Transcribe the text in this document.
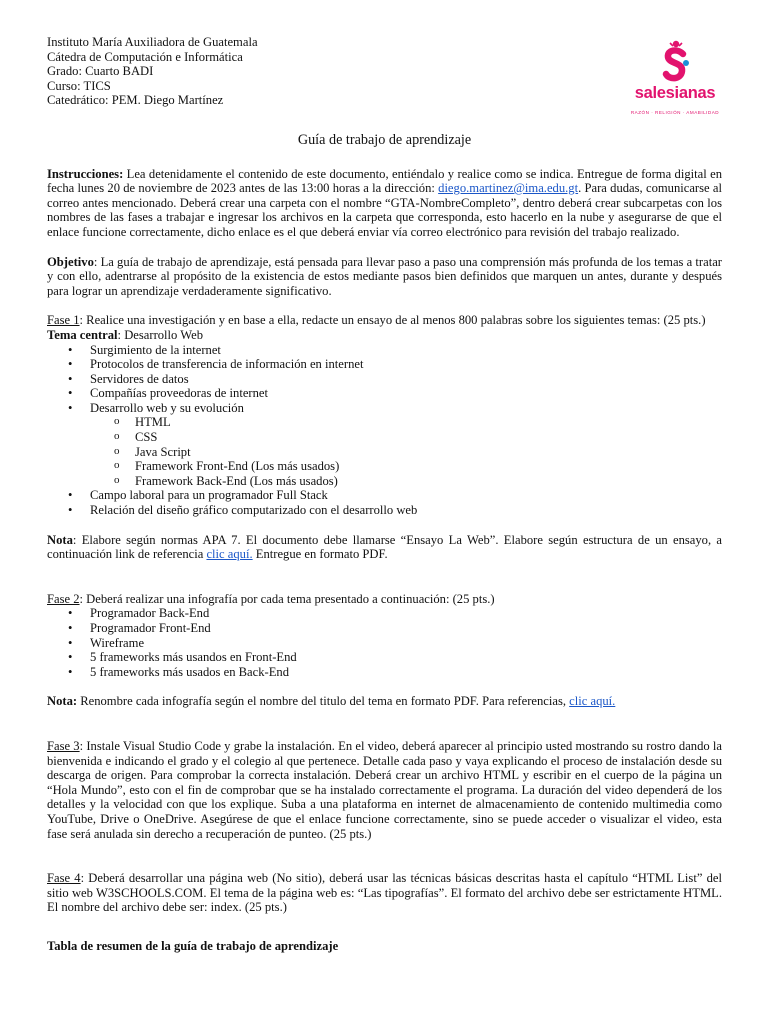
salesianas
RAZÓN · RELIGIÓN · AMABILIDAD
Instituto María Auxiliadora de Guatemala
Cátedra de Computación e Informática
Grado: Cuarto BADI
Curso: TICS
Catedrático: PEM. Diego Martínez
Guía de trabajo de aprendizaje

Instrucciones: Lea detenidamente el contenido de este documento, entiéndalo y realice como se indica. Entregue de forma digital en fecha lunes 20 de noviembre de 2023 antes de las 13:00 horas a la dirección: diego.martinez@ima.edu.gt. Para dudas, comunicarse al correo antes mencionado. Deberá crear una carpeta con el nombre “GTA-NombreCompleto”, dentro deberá crear subcarpetas con los nombres de las fases a trabajar e ingresar los archivos en la carpeta que corresponda, esto hacerlo en la nube y asegurarse de que el enlace funcione correctamente, dicho enlace es el que deberá enviar vía correo electrónico para revisión del trabajo realizado.

Objetivo: La guía de trabajo de aprendizaje, está pensada para llevar paso a paso una comprensión más profunda de los temas a tratar y con ello, adentrarse al propósito de la existencia de estos mediante pasos bien definidos que marquen un antes, durante y después para lograr un aprendizaje verdaderamente significativo.

Fase 1: Realice una investigación y en base a ella, redacte un ensayo de al menos 800 palabras sobre los siguientes temas: (25 pts.)

Tema central: Desarrollo Web

• Surgimiento de la internet
• Protocolos de transferencia de información en internet
• Servidores de datos
• Compañías proveedoras de internet
• Desarrollo web y su evolución
o HTML
o CSS
o Java Script
o Framework Front-End (Los más usados)
o Framework Back-End (Los más usados)
• Campo laboral para un programador Full Stack
• Relación del diseño gráfico computarizado con el desarrollo web

Nota: Elabore según normas APA 7. El documento debe llamarse “Ensayo La Web”. Elabore según estructura de un ensayo, a continuación link de referencia clic aquí. Entregue en formato PDF.

Fase 2: Deberá realizar una infografía por cada tema presentado a continuación: (25 pts.)

• Programador Back-End
• Programador Front-End
• Wireframe
• 5 frameworks más usandos en Front-End
• 5 frameworks más usados en Back-End

Nota: Renombre cada infografía según el nombre del titulo del tema en formato PDF. Para referencias, clic aquí.

Fase 3: Instale Visual Studio Code y grabe la instalación. En el video, deberá aparecer al principio usted mostrando su rostro dando la bienvenida e indicando el grado y el colegio al que pertenece. Detalle cada paso y vaya explicando el proceso de instalación desde su descarga de origen. Para comprobar la correcta instalación. Deberá crear un archivo HTML y escribir en el cuerpo de la página un “Hola Mundo”, esto con el fin de comprobar que se ha instalado correctamente el programa. La duración del video dependerá de los detalles y la velocidad con que los explique. Suba a una plataforma en internet de almacenamiento de contenido multimedia como YouTube, Drive o OneDrive. Asegúrese de que el enlace funcione correctamente, sino se puede acceder o visualizar el video, esta fase será anulada sin derecho a recuperación de punteo. (25 pts.)

Fase 4: Deberá desarrollar una página web (No sitio), deberá usar las técnicas básicas descritas hasta el capítulo “HTML List” del sitio web W3SCHOOLS.COM. El tema de la página web es: “Las tipografías”. El formato del archivo debe ser estrictamente HTML. El nombre del archivo debe ser: index. (25 pts.)

Tabla de resumen de la guía de trabajo de aprendizaje
